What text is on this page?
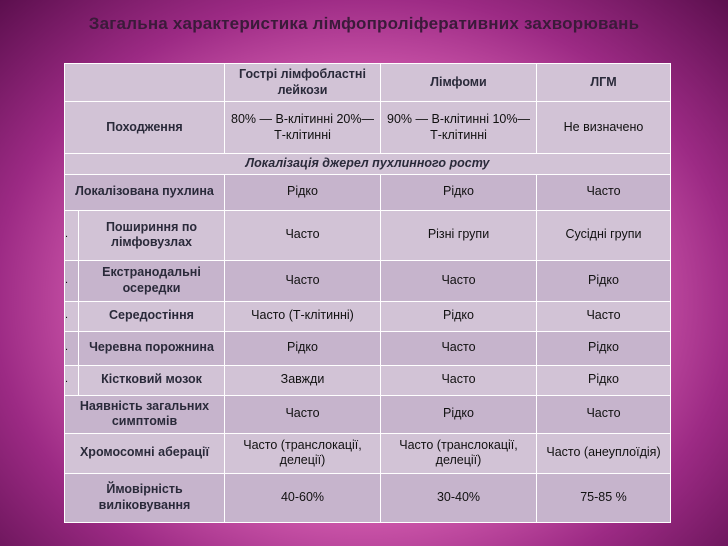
Загальна характеристика лімфопроліферативних захворювань
		Гострі лімфобластні лейкози	Лімфоми	ЛГМ
Походження		80% — В-клітинні 20%— Т-клітинні	90% — В-клітинні 10%— Т-клітинні	Не визначено
Локалізація джерел пухлинного росту				
Локалізована пухлина		Рідко	Рідко	Часто
.	Пошириння по лімфовузлах	Часто	Різні групи	Сусідні групи
.	Екстранодальні осередки	Часто	Часто	Рідко
.	Середостіння	Часто (Т-клітинні)	Рідко	Часто
.	Черевна порожнина	Рідко	Часто	Рідко
.	Кістковий мозок	Завжди	Часто	Рідко
Наявність загальних симптомів		Часто	Рідко	Часто
Хромосомні аберації		Часто (транслокації, делеції)	Часто (транслокації, делеції)	Часто (анеуплоїдія)
Ймовірність виліковування		40-60%	30-40%	75-85 %
